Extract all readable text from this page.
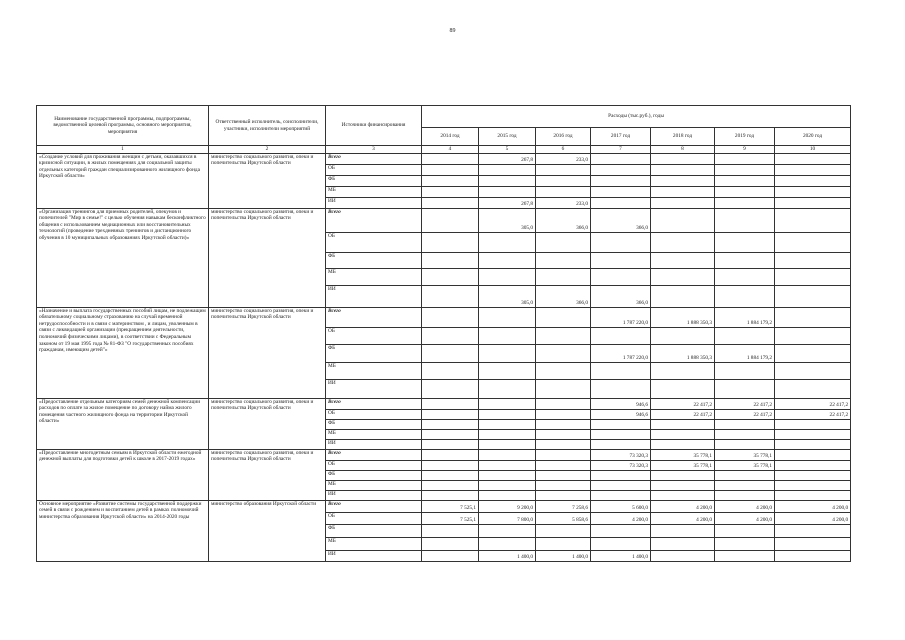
89
Наименование государственной программы, подпрограммы, ведомственной целевой программы, основного мероприятия, мероприятия	Ответственный исполнитель, соисполнители, участники, исполнители мероприятий	Источники финансирования	Расходы (тыс.руб.), годы						
			2014 год	2015 год	2016 год	2017 год	2018 год	2019 год	2020 год
1	2	3	4	5	6	7	8	9	10
«Создание условий для проживания женщин с детьми, оказавшихся в кризисной ситуации, в жилых помещениях для социальной защиты отдельных категорий граждан специализированного жилищного фонда Иркутской области»	министерство социального развития, опеки и попечительства Иркутской области	Всего		267,8	233,0				
		ОБ							
		ФБ							
		МБ							
		ИИ		267,8	233,0				
«Организация тренингов для приемных родителей, опекунов и попечителей "Мир в семье!" с целью обучения навыкам бесконфликтного общения с использованием медиационных или восстановительных технологий (проведение трехдневных тренингов и дистанционного обучения в 10 муниципальных образованиях Иркутской области)»	министерство социального развития, опеки и попечительства Иркутской области	Всего		305,0	366,0	366,0			
		ОБ							
		ФБ							
		МБ							
		ИИ		305,0	366,0	366,0			
«Назначение и выплата государственных пособий лицам, не подлежащим обязательному социальному страхованию на случай временной нетрудоспособности и в связи с материнством , и лицам, уволенным в связи с ликвидацией организации (прекращением деятельности, полномочий физическими лицами), в соответствии с Федеральным законом от 19 мая 1995 года № 81-ФЗ "О государственных пособиях гражданам, имеющим детей"»	министерство социального развития, опеки и попечительства Иркутской области	Всего				1 787 220,0	1 888 350,3	1 884 179,2	
		ОБ							
		ФБ				1 787 220,0	1 888 350,3	1 884 179,2	
		МБ							
		ИИ							
«Предоставление отдельным категориям семей денежной компенсации расходов по оплате за жилое помещение по договору найма жилого помещения частного жилищного фонда на территории Иркутской области»	министерство социального развития, опеки и попечительства Иркутской области	Всего				946,6	22 417,2	22 417,2	22 417,2
		ОБ				946,6	22 417,2	22 417,2	22 417,2
		ФБ							
		МБ							
		ИИ							
«Предоставление многодетным семьям в Иркутской области ежегодной денежной выплаты для подготовки детей к школе в 2017-2019 годах»	министерство социального развития, опеки и попечительства Иркутской области	Всего				73 320,3	35 778,1	35 778,1	
		ОБ				73 320,3	35 778,1	35 778,1	
		ФБ							
		МБ							
		ИИ							
Основное мероприятие «Развитие системы государственной поддержки семей в связи с рождением и воспитанием детей в рамках полномочий министерства образования Иркутской области» на 2014-2020 годы	министерство образования Иркутской области	Всего	7 525,1	9 200,0	7 258,6	5 600,0	4 200,0	4 200,0	4 200,0
		ОБ	7 525,1	7 800,0	5 858,6	4 200,0	4 200,0	4 200,0	4 200,0
		ФБ							
		МБ							
		ИИ		1 400,0	1 400,0	1 400,0			
